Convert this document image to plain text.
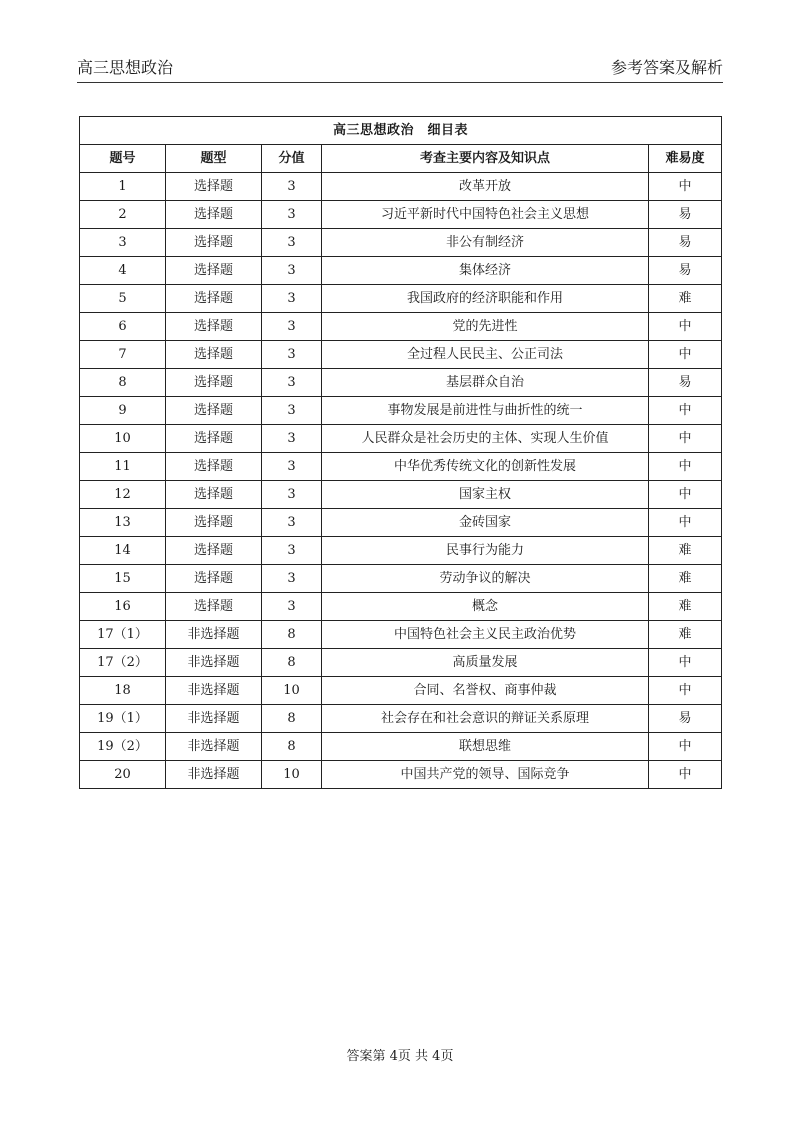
高三思想政治	参考答案及解析
高三思想政治　细目表				
题号	题型	分值	考查主要内容及知识点	难易度
1	选择题	3	改革开放	中
2	选择题	3	习近平新时代中国特色社会主义思想	易
3	选择题	3	非公有制经济	易
4	选择题	3	集体经济	易
5	选择题	3	我国政府的经济职能和作用	难
6	选择题	3	党的先进性	中
7	选择题	3	全过程人民民主、公正司法	中
8	选择题	3	基层群众自治	易
9	选择题	3	事物发展是前进性与曲折性的统一	中
10	选择题	3	人民群众是社会历史的主体、实现人生价值	中
11	选择题	3	中华优秀传统文化的创新性发展	中
12	选择题	3	国家主权	中
13	选择题	3	金砖国家	中
14	选择题	3	民事行为能力	难
15	选择题	3	劳动争议的解决	难
16	选择题	3	概念	难
17（1）	非选择题	8	中国特色社会主义民主政治优势	难
17（2）	非选择题	8	高质量发展	中
18	非选择题	10	合同、名誉权、商事仲裁	中
19（1）	非选择题	8	社会存在和社会意识的辩证关系原理	易
19（2）	非选择题	8	联想思维	中
20	非选择题	10	中国共产党的领导、国际竞争	中
答案第 4页 共 4页
